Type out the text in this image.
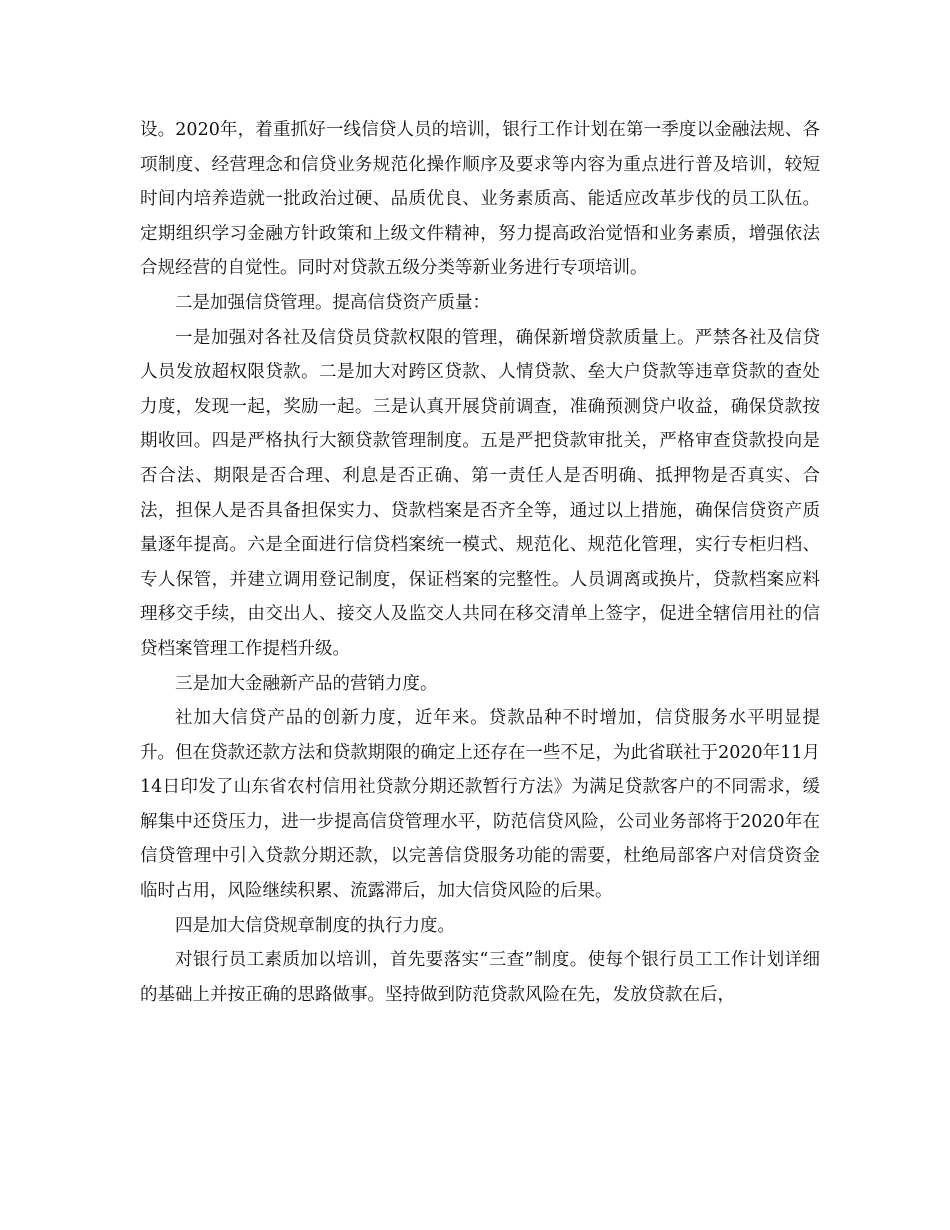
设。2020年，着重抓好一线信贷人员的培训，银行工作计划在第一季度以金融法规、各项制度、经营理念和信贷业务规范化操作顺序及要求等内容为重点进行普及培训，较短时间内培养造就一批政治过硬、品质优良、业务素质高、能适应改革步伐的员工队伍。定期组织学习金融方针政策和上级文件精神，努力提高政治觉悟和业务素质，增强依法合规经营的自觉性。同时对贷款五级分类等新业务进行专项培训。

二是加强信贷管理。提高信贷资产质量：

一是加强对各社及信贷员贷款权限的管理，确保新增贷款质量上。严禁各社及信贷人员发放超权限贷款。二是加大对跨区贷款、人情贷款、垒大户贷款等违章贷款的查处力度，发现一起，奖励一起。三是认真开展贷前调查，准确预测贷户收益，确保贷款按期收回。四是严格执行大额贷款管理制度。五是严把贷款审批关，严格审查贷款投向是否合法、期限是否合理、利息是否正确、第一责任人是否明确、抵押物是否真实、合法，担保人是否具备担保实力、贷款档案是否齐全等，通过以上措施，确保信贷资产质量逐年提高。六是全面进行信贷档案统一模式、规范化、规范化管理，实行专柜归档、专人保管，并建立调用登记制度，保证档案的完整性。人员调离或换片，贷款档案应料理移交手续，由交出人、接交人及监交人共同在移交清单上签字，促进全辖信用社的信贷档案管理工作提档升级。

三是加大金融新产品的营销力度。

社加大信贷产品的创新力度，近年来。贷款品种不时增加，信贷服务水平明显提升。但在贷款还款方法和贷款期限的确定上还存在一些不足，为此省联社于2020年11月14日印发了山东省农村信用社贷款分期还款暂行方法》为满足贷款客户的不同需求，缓解集中还贷压力，进一步提高信贷管理水平，防范信贷风险，公司业务部将于2020年在信贷管理中引入贷款分期还款，以完善信贷服务功能的需要，杜绝局部客户对信贷资金临时占用，风险继续积累、流露滞后，加大信贷风险的后果。

四是加大信贷规章制度的执行力度。

对银行员工素质加以培训，首先要落实“三查”制度。使每个银行员工工作计划详细的基础上并按正确的思路做事。坚持做到防范贷款风险在先，发放贷款在后，
